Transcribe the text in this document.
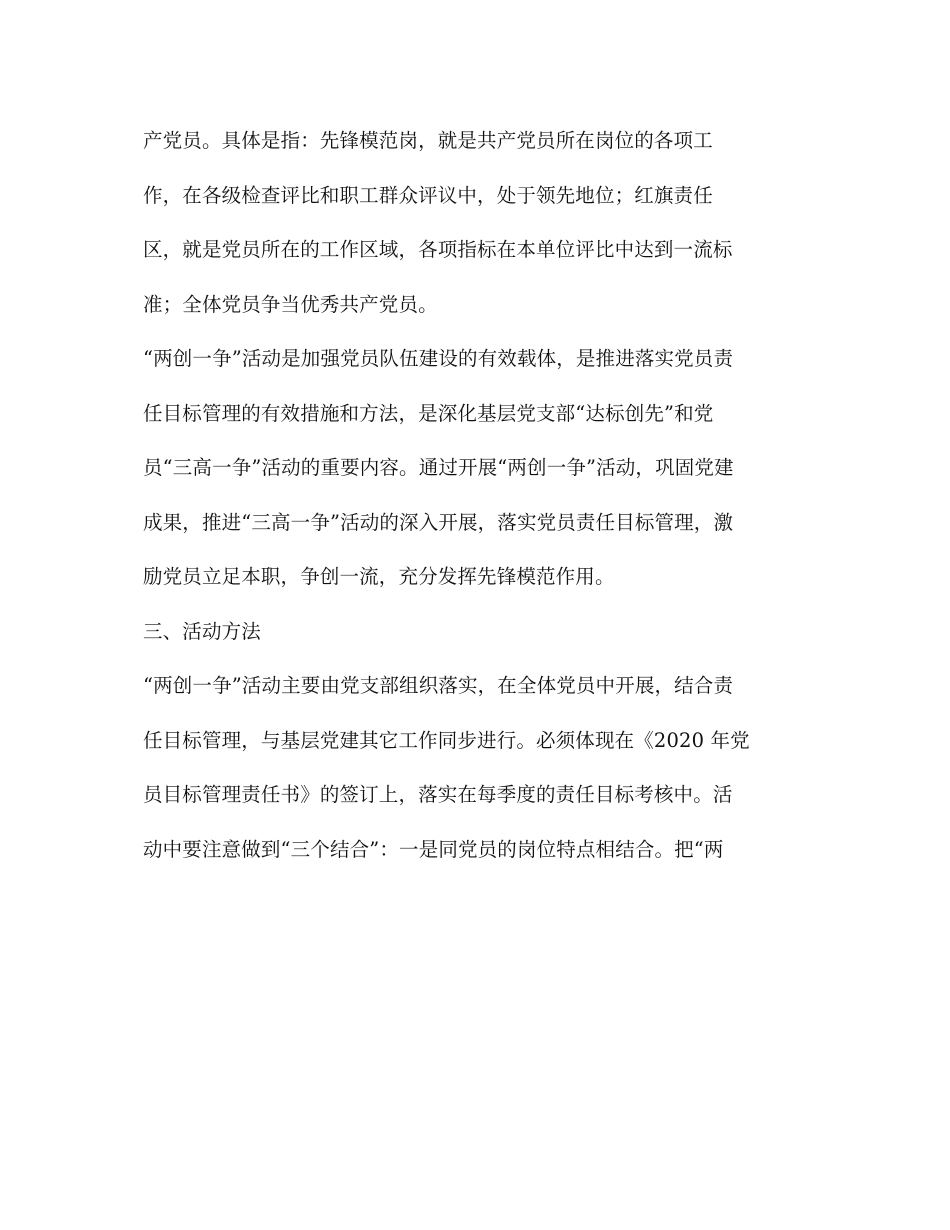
产党员。具体是指：先锋模范岗，就是共产党员所在岗位的各项工
作，在各级检查评比和职工群众评议中，处于领先地位；红旗责任
区，就是党员所在的工作区域，各项指标在本单位评比中达到一流标
准；全体党员争当优秀共产党员。
“两创一争”活动是加强党员队伍建设的有效载体，是推进落实党员责
任目标管理的有效措施和方法，是深化基层党支部“达标创先”和党
员“三高一争”活动的重要内容。通过开展“两创一争”活动，巩固党建
成果，推进“三高一争”活动的深入开展，落实党员责任目标管理，激
励党员立足本职，争创一流，充分发挥先锋模范作用。
三、活动方法
“两创一争”活动主要由党支部组织落实，在全体党员中开展，结合责
任目标管理，与基层党建其它工作同步进行。必须体现在《2020 年党
员目标管理责任书》的签订上，落实在每季度的责任目标考核中。活
动中要注意做到“三个结合”：一是同党员的岗位特点相结合。把“两
